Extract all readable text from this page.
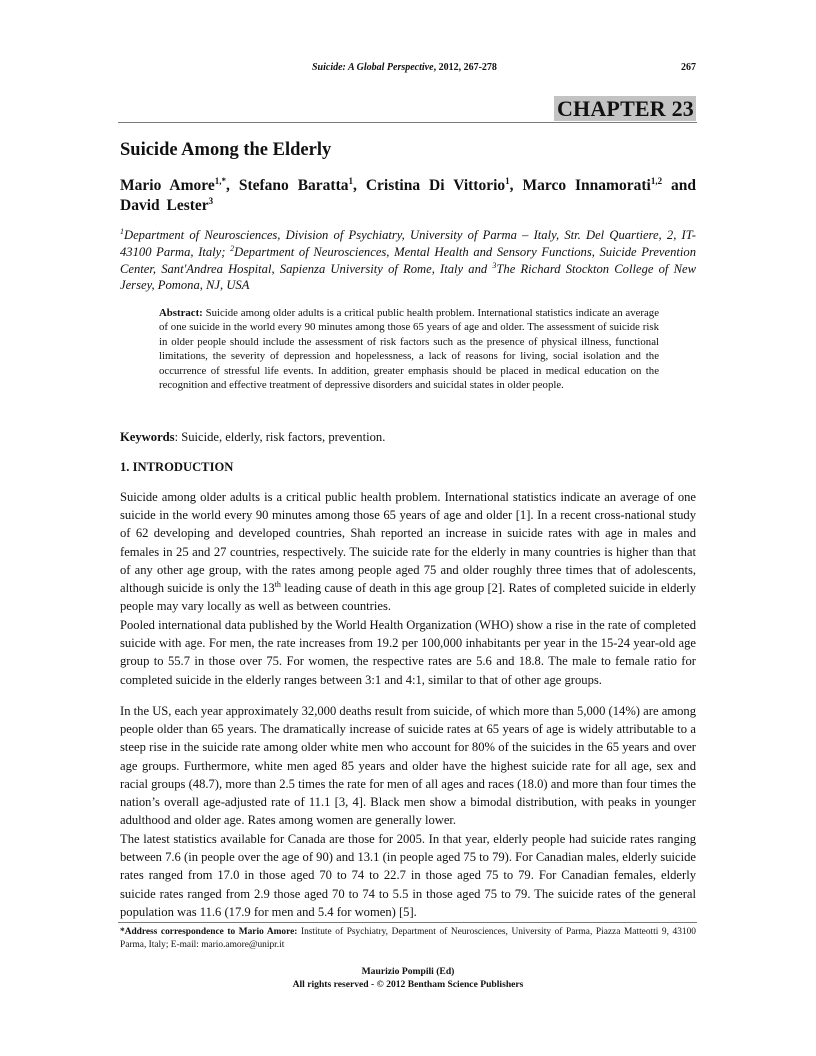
Suicide: A Global Perspective, 2012, 267-278	267
CHAPTER 23
Suicide Among the Elderly

Mario Amore$^{1,*}$, Stefano Baratta$^1$, Cristina Di Vittorio$^1$, Marco Innamorati$^{1,2}$ and David Lester$^3$

$^1$Department of Neurosciences, Division of Psychiatry, University of Parma – Italy, Str. Del Quartiere, 2, IT-43100 Parma, Italy; $^2$Department of Neurosciences, Mental Health and Sensory Functions, Suicide Prevention Center, Sant'Andrea Hospital, Sapienza University of Rome, Italy and $^3$The Richard Stockton College of New Jersey, Pomona, NJ, USA

Abstract: Suicide among older adults is a critical public health problem. International statistics indicate an average of one suicide in the world every 90 minutes among those 65 years of age and older. The assessment of suicide risk in older people should include the assessment of risk factors such as the presence of physical illness, functional limitations, the severity of depression and hopelessness, a lack of reasons for living, social isolation and the occurrence of stressful life events. In addition, greater emphasis should be placed in medical education on the recognition and effective treatment of depressive disorders and suicidal states in older people.

Keywords: Suicide, elderly, risk factors, prevention.

1. INTRODUCTION

Suicide among older adults is a critical public health problem. International statistics indicate an average of one suicide in the world every 90 minutes among those 65 years of age and older [1]. In a recent cross-national study of 62 developing and developed countries, Shah reported an increase in suicide rates with age in males and females in 25 and 27 countries, respectively. The suicide rate for the elderly in many countries is higher than that of any other age group, with the rates among people aged 75 and older roughly three times that of adolescents, although suicide is only the 13th leading cause of death in this age group [2]. Rates of completed suicide in elderly people may vary locally as well as between countries.

Pooled international data published by the World Health Organization (WHO) show a rise in the rate of completed suicide with age. For men, the rate increases from 19.2 per 100,000 inhabitants per year in the 15-24 year-old age group to 55.7 in those over 75. For women, the respective rates are 5.6 and 18.8. The male to female ratio for completed suicide in the elderly ranges between 3:1 and 4:1, similar to that of other age groups.

In the US, each year approximately 32,000 deaths result from suicide, of which more than 5,000 (14%) are among people older than 65 years. The dramatically increase of suicide rates at 65 years of age is widely attributable to a steep rise in the suicide rate among older white men who account for 80% of the suicides in the 65 years and over age groups. Furthermore, white men aged 85 years and older have the highest suicide rate for all age, sex and racial groups (48.7), more than 2.5 times the rate for men of all ages and races (18.0) and more than four times the nation’s overall age-adjusted rate of 11.1 [3, 4]. Black men show a bimodal distribution, with peaks in younger adulthood and older age. Rates among women are generally lower.

The latest statistics available for Canada are those for 2005. In that year, elderly people had suicide rates ranging between 7.6 (in people over the age of 90) and 13.1 (in people aged 75 to 79). For Canadian males, elderly suicide rates ranged from 17.0 in those aged 70 to 74 to 22.7 in those aged 75 to 79. For Canadian females, elderly suicide rates ranged from 2.9 those aged 70 to 74 to 5.5 in those aged 75 to 79. The suicide rates of the general population was 11.6 (17.9 for men and 5.4 for women) [5].

*Address correspondence to Mario Amore: Institute of Psychiatry, Department of Neurosciences, University of Parma, Piazza Matteotti 9, 43100 Parma, Italy; E-mail: mario.amore@unipr.it

Maurizio Pompili (Ed)
All rights reserved - © 2012 Bentham Science Publishers
